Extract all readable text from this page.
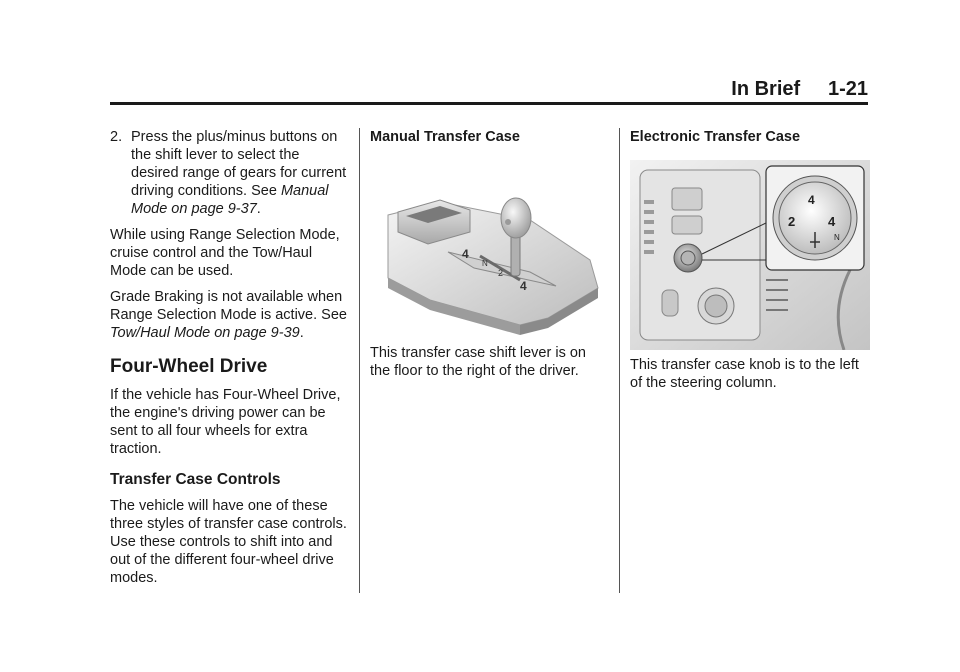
In Brief 1-21
2. Press the plus/minus buttons on the shift lever to select the desired range of gears for current driving conditions. See Manual Mode on page 9-37.

While using Range Selection Mode, cruise control and the Tow/Haul Mode can be used.

Grade Braking is not available when Range Selection Mode is active. See Tow/Haul Mode on page 9-39.

Four-Wheel Drive

If the vehicle has Four-Wheel Drive, the engine's driving power can be sent to all four wheels for extra traction.

Transfer Case Controls

The vehicle will have one of these three styles of transfer case controls. Use these controls to shift into and out of the different four-wheel drive modes.

Manual Transfer Case

4
N
2
4

This transfer case shift lever is on the floor to the right of the driver.

Electronic Transfer Case

2
4
4
N

This transfer case knob is to the left of the steering column.
